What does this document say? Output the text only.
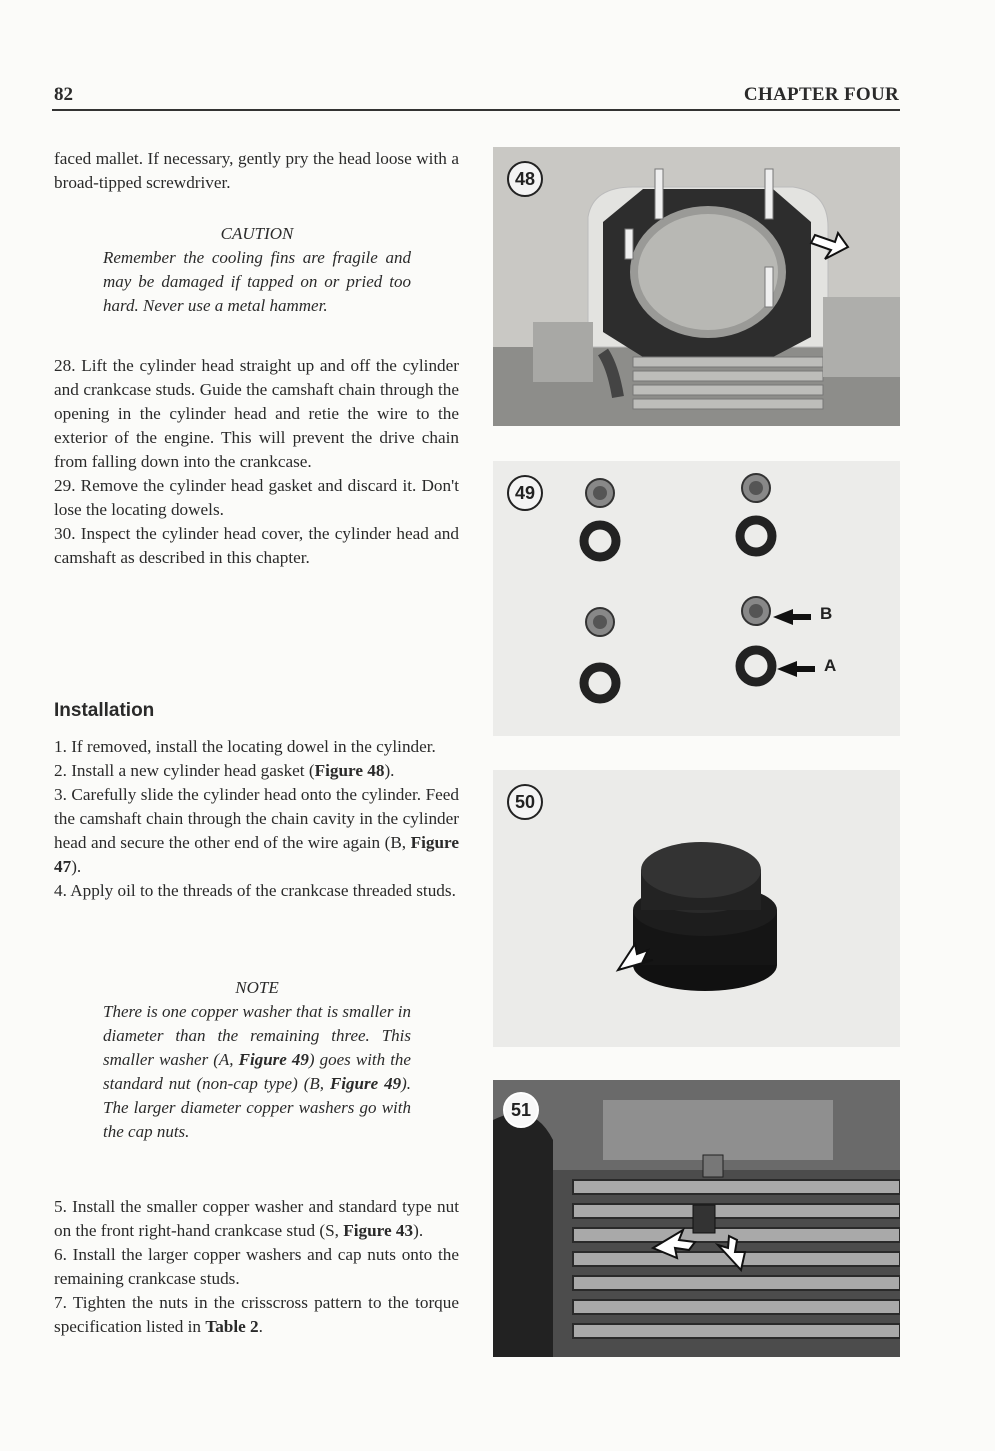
82	CHAPTER FOUR

faced mallet. If necessary, gently pry the head loose with a broad-tipped screwdriver.

CAUTION

Remember the cooling fins are fragile and may be damaged if tapped on or pried too hard. Never use a metal hammer.

28. Lift the cylinder head straight up and off the cylinder and crankcase studs. Guide the camshaft chain through the opening in the cylinder head and retie the wire to the exterior of the engine. This will prevent the drive chain from falling down into the crankcase.

29. Remove the cylinder head gasket and discard it. Don't lose the locating dowels.

30. Inspect the cylinder head cover, the cylinder head and camshaft as described in this chapter.

Installation

1. If removed, install the locating dowel in the cylinder.

2. Install a new cylinder head gasket (Figure 48).

3. Carefully slide the cylinder head onto the cylinder. Feed the camshaft chain through the chain cavity in the cylinder head and secure the other end of the wire again (B, Figure 47).

4. Apply oil to the threads of the crankcase threaded studs.

NOTE

There is one copper washer that is smaller in diameter than the remaining three. This smaller washer (A, Figure 49) goes with the standard nut (non-cap type) (B, Figure 49). The larger diameter copper washers go with the cap nuts.

5. Install the smaller copper washer and standard type nut on the front right-hand crankcase stud (S, Figure 43).

6. Install the larger copper washers and cap nuts onto the remaining crankcase studs.

7. Tighten the nuts in the crisscross pattern to the torque specification listed in Table 2.

48
49
B
A
50
51
